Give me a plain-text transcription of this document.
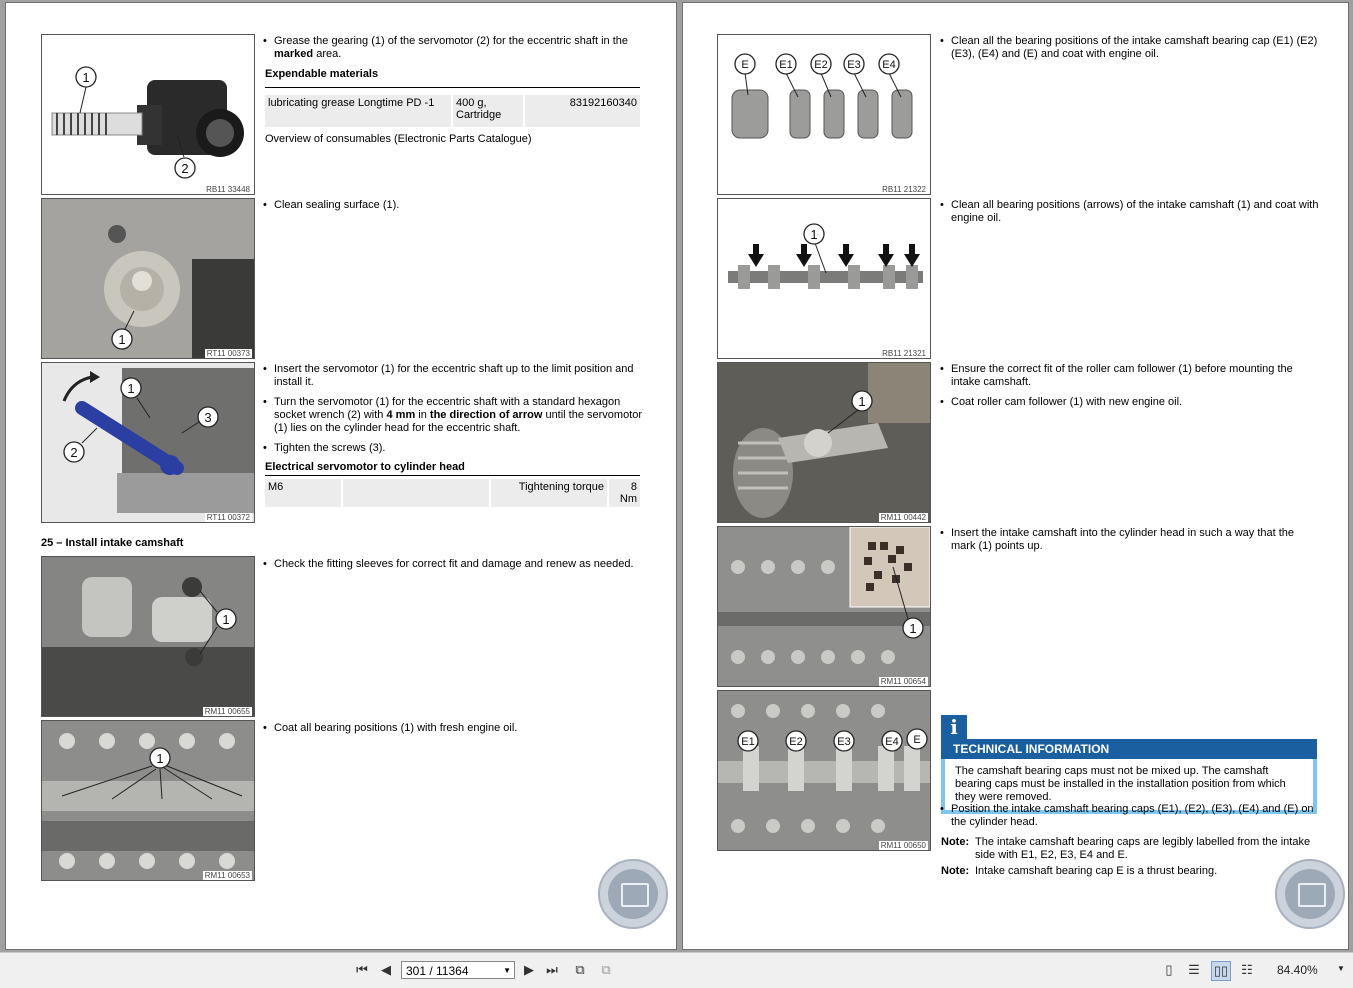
1
2
RB11 33448
• Grease the gearing (1) of the servomotor (2) for the eccentric shaft in the marked area.
Expendable materials
lubricating grease Longtime PD -1	400 g, Cartridge	83192160340
Overview of consumables (Electronic Parts Catalogue)
1
RT11 00373
• Clean sealing surface (1).
1
2
3
RT11 00372
• Insert the servomotor (1) for the eccentric shaft up to the limit position and install it.
• Turn the servomotor (1) for the eccentric shaft with a standard hexagon socket wrench (2) with 4 mm in the direction of arrow until the servomotor (1) lies on the cylinder head for the eccentric shaft.
• Tighten the screws (3).
Electrical servomotor to cylinder head
M6		Tightening torque	8 Nm
25 – Install intake camshaft
1
RM11 00655
• Check the fitting sleeves for correct fit and damage and renew as needed.
1
RM11 00653
• Coat all bearing positions (1) with fresh engine oil.
E	E1 E2 E3 E4
RB11 21322
• Clean all the bearing positions of the intake camshaft bearing cap (E1) (E2) (E3), (E4) and (E) and coat with engine oil.
1
RB11 21321
• Clean all bearing positions (arrows) of the intake camshaft (1) and coat with engine oil.
1
RM11 00442
• Ensure the correct fit of the roller cam follower (1) before mounting the intake camshaft.
• Coat roller cam follower (1) with new engine oil.
1
RM11 00654
• Insert the intake camshaft into the cylinder head in such a way that the mark (1) points up.
E1	E2	E3	E4 E
RM11 00650
i
TECHNICAL INFORMATION
The camshaft bearing caps must not be mixed up. The camshaft bearing caps must be installed in the installation position from which they were removed.
• Position the intake camshaft bearing caps (E1), (E2), (E3), (E4) and (E) on the cylinder head.
Note: The intake camshaft bearing caps are legibly labelled from the intake side with E1, E2, E3, E4 and E.
Note: Intake camshaft bearing cap E is a thrust bearing.
⏮	◀	301 / 11364	▼	▶ ⏭	⧉	⧉	▯	☰ ▯▯ ☷ 84.40% ▼
